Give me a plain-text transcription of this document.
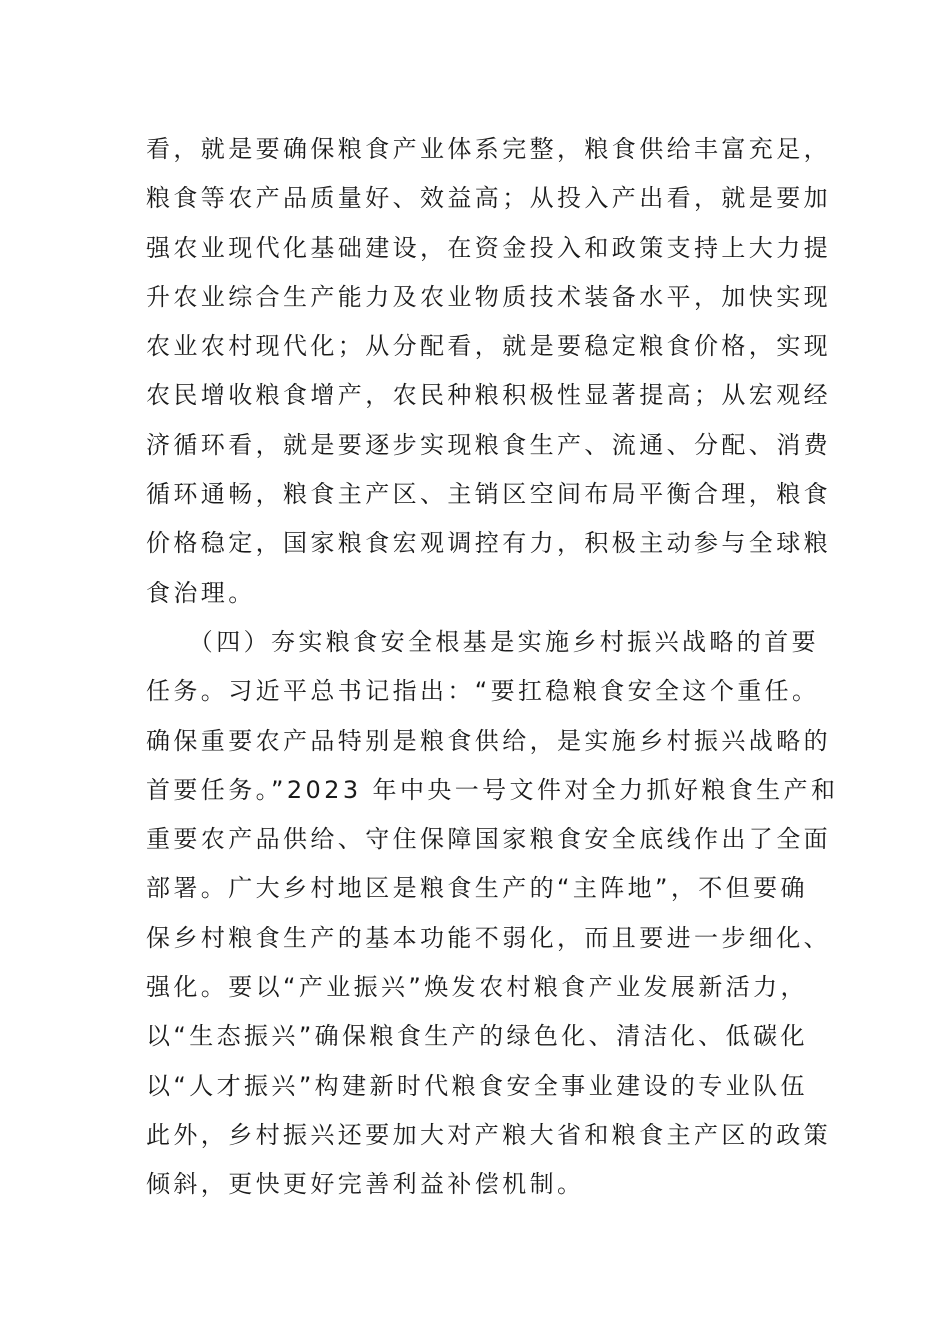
看，就是要确保粮食产业体系完整，粮食供给丰富充足，
粮食等农产品质量好、效益高；从投入产出看，就是要加
强农业现代化基础建设，在资金投入和政策支持上大力提
升农业综合生产能力及农业物质技术装备水平，加快实现
农业农村现代化；从分配看，就是要稳定粮食价格，实现
农民增收粮食增产，农民种粮积极性显著提高；从宏观经
济循环看，就是要逐步实现粮食生产、流通、分配、消费
循环通畅，粮食主产区、主销区空间布局平衡合理，粮食
价格稳定，国家粮食宏观调控有力，积极主动参与全球粮
食治理。
　　（四）夯实粮食安全根基是实施乡村振兴战略的首要
任务。习近平总书记指出：“要扛稳粮食安全这个重任。
确保重要农产品特别是粮食供给，是实施乡村振兴战略的
首要任务。”2023 年中央一号文件对全力抓好粮食生产和
重要农产品供给、守住保障国家粮食安全底线作出了全面
部署。广大乡村地区是粮食生产的“主阵地”，不但要确
保乡村粮食生产的基本功能不弱化，而且要进一步细化、
强化。要以“产业振兴”焕发农村粮食产业发展新活力，
以“生态振兴”确保粮食生产的绿色化、清洁化、低碳化
以“人才振兴”构建新时代粮食安全事业建设的专业队伍
此外，乡村振兴还要加大对产粮大省和粮食主产区的政策
倾斜，更快更好完善利益补偿机制。
